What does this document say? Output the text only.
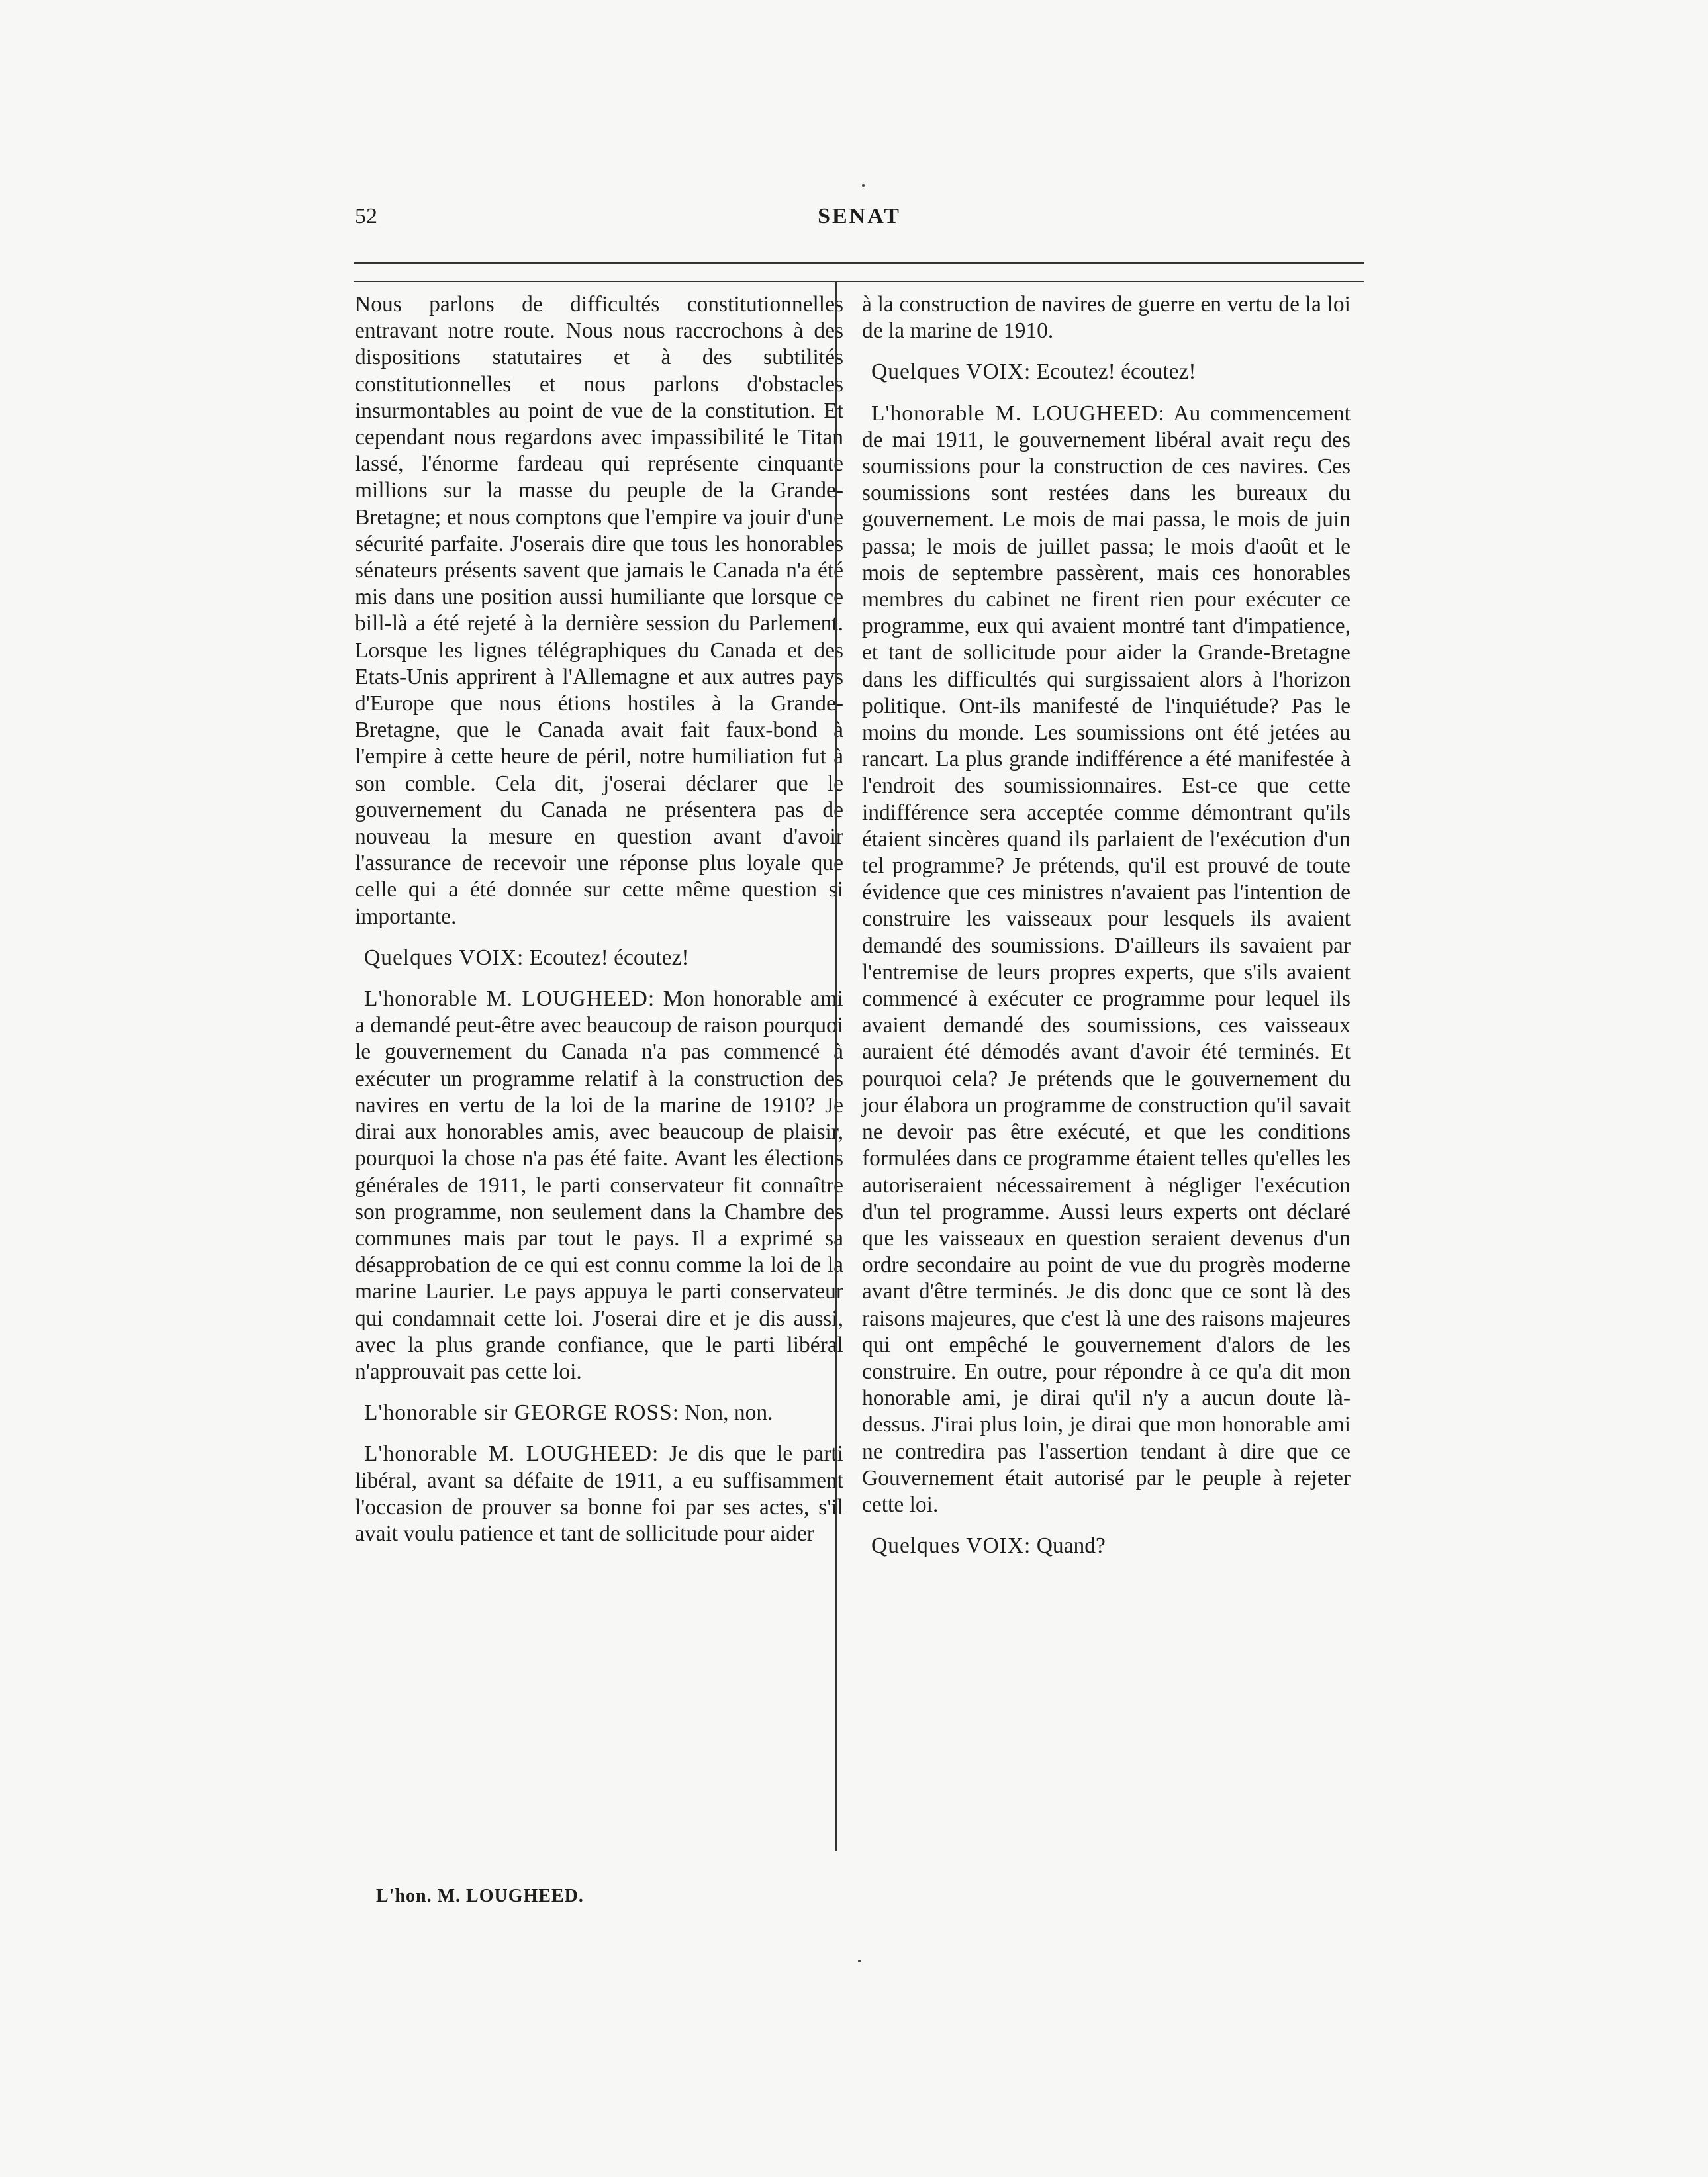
52	SENAT

Nous parlons de difficultés constitutionnelles entravant notre route. Nous nous raccrochons à des dispositions statutaires et à des subtilités constitutionnelles et nous parlons d'obstacles insurmontables au point de vue de la constitution. Et cependant nous regardons avec impassibilité le Titan lassé, l'énorme fardeau qui représente cinquante millions sur la masse du peuple de la Grande-Bretagne; et nous comptons que l'empire va jouir d'une sécurité parfaite. J'oserais dire que tous les honorables sénateurs présents savent que jamais le Canada n'a été mis dans une position aussi humiliante que lorsque ce bill-là a été rejeté à la dernière session du Parlement. Lorsque les lignes télégraphiques du Canada et des Etats-Unis apprirent à l'Allemagne et aux autres pays d'Europe que nous étions hostiles à la Grande-Bretagne, que le Canada avait fait faux-bond à l'empire à cette heure de péril, notre humiliation fut à son comble. Cela dit, j'oserai déclarer que le gouvernement du Canada ne présentera pas de nouveau la mesure en question avant d'avoir l'assurance de recevoir une réponse plus loyale que celle qui a été donnée sur cette même question si importante.

Quelques VOIX: Ecoutez! écoutez!

L'honorable M. LOUGHEED: Mon honorable ami a demandé peut-être avec beaucoup de raison pourquoi le gouvernement du Canada n'a pas commencé à exécuter un programme relatif à la construction des navires en vertu de la loi de la marine de 1910? Je dirai aux honorables amis, avec beaucoup de plaisir, pourquoi la chose n'a pas été faite. Avant les élections générales de 1911, le parti conservateur fit connaître son programme, non seulement dans la Chambre des communes mais par tout le pays. Il a exprimé sa désapprobation de ce qui est connu comme la loi de la marine Laurier. Le pays appuya le parti conservateur qui condamnait cette loi. J'oserai dire et je dis aussi, avec la plus grande confiance, que le parti libéral n'approuvait pas cette loi.

L'honorable sir GEORGE ROSS: Non, non.

L'honorable M. LOUGHEED: Je dis que le parti libéral, avant sa défaite de 1911, a eu suffisamment l'occasion de prouver sa bonne foi par ses actes, s'il avait voulu patience et tant de sollicitude pour aider

à la construction de navires de guerre en vertu de la loi de la marine de 1910.

Quelques VOIX: Ecoutez! écoutez!

L'honorable M. LOUGHEED: Au commencement de mai 1911, le gouvernement libéral avait reçu des soumissions pour la construction de ces navires. Ces soumissions sont restées dans les bureaux du gouvernement. Le mois de mai passa, le mois de juin passa; le mois de juillet passa; le mois d'août et le mois de septembre passèrent, mais ces honorables membres du cabinet ne firent rien pour exécuter ce programme, eux qui avaient montré tant d'impatience, et tant de sollicitude pour aider la Grande-Bretagne dans les difficultés qui surgissaient alors à l'horizon politique. Ont-ils manifesté de l'inquiétude? Pas le moins du monde. Les soumissions ont été jetées au rancart. La plus grande indifférence a été manifestée à l'endroit des soumissionnaires. Est-ce que cette indifférence sera acceptée comme démontrant qu'ils étaient sincères quand ils parlaient de l'exécution d'un tel programme? Je prétends, qu'il est prouvé de toute évidence que ces ministres n'avaient pas l'intention de construire les vaisseaux pour lesquels ils avaient demandé des soumissions. D'ailleurs ils savaient par l'entremise de leurs propres experts, que s'ils avaient commencé à exécuter ce programme pour lequel ils avaient demandé des soumissions, ces vaisseaux auraient été démodés avant d'avoir été terminés. Et pourquoi cela? Je prétends que le gouvernement du jour élabora un programme de construction qu'il savait ne devoir pas être exécuté, et que les conditions formulées dans ce programme étaient telles qu'elles les autoriseraient nécessairement à négliger l'exécution d'un tel programme. Aussi leurs experts ont déclaré que les vaisseaux en question seraient devenus d'un ordre secondaire au point de vue du progrès moderne avant d'être terminés. Je dis donc que ce sont là des raisons majeures, que c'est là une des raisons majeures qui ont empêché le gouvernement d'alors de les construire. En outre, pour répondre à ce qu'a dit mon honorable ami, je dirai qu'il n'y a aucun doute là-dessus. J'irai plus loin, je dirai que mon honorable ami ne contredira pas l'assertion tendant à dire que ce Gouvernement était autorisé par le peuple à rejeter cette loi.

Quelques VOIX: Quand?

L'hon. M. LOUGHEED.
